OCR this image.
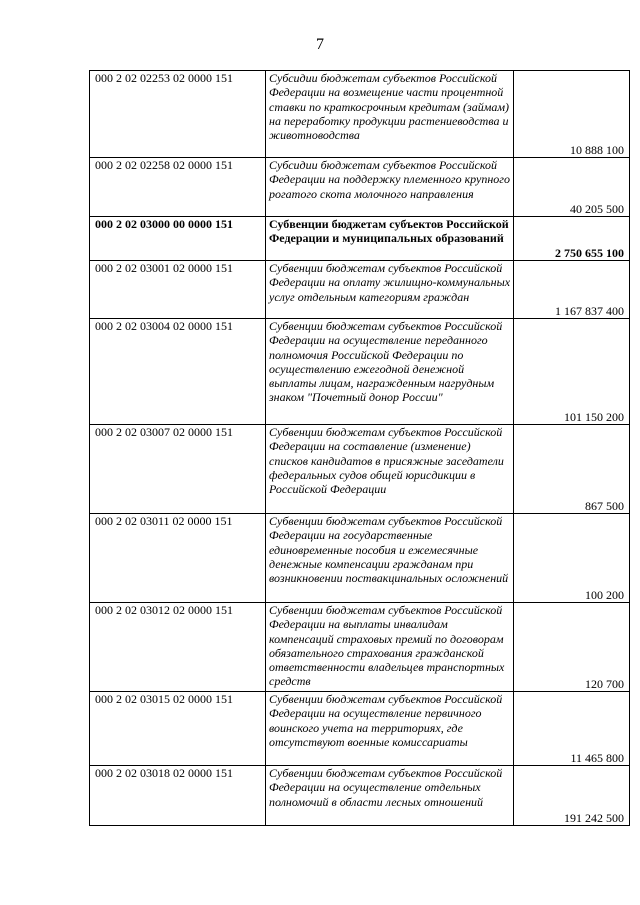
7
000 2 02 02253 02 0000 151	Субсидии бюджетам субъектов Российской Федерации на возмещение части процентной ставки по краткосрочным кредитам (займам) на переработку продукции растениеводства и животноводства	10 888 100
000 2 02 02258 02 0000 151	Субсидии бюджетам субъектов Российской Федерации на поддержку племенного крупного рогатого скота молочного направления	40 205 500
000 2 02 03000 00 0000 151	Субвенции бюджетам субъектов Российской Федерации и муниципальных образований	2 750 655 100
000 2 02 03001 02 0000 151	Субвенции бюджетам субъектов Российской Федерации на оплату жилищно-коммунальных услуг отдельным категориям граждан	1 167 837 400
000 2 02 03004 02 0000 151	Субвенции бюджетам субъектов Российской Федерации на осуществление переданного полномочия Российской Федерации по осуществлению ежегодной денежной выплаты лицам, награжденным нагрудным знаком "Почетный донор России"	101 150 200
000 2 02 03007 02 0000 151	Субвенции бюджетам субъектов Российской Федерации на составление (изменение) списков кандидатов в присяжные заседатели федеральных судов общей юрисдикции в Российской Федерации	867 500
000 2 02 03011 02 0000 151	Субвенции бюджетам субъектов Российской Федерации на государственные единовременные пособия и ежемесячные денежные компенсации гражданам при возникновении поствакцинальных осложнений	100 200
000 2 02 03012 02 0000 151	Субвенции бюджетам субъектов Российской Федерации на выплаты инвалидам компенсаций страховых премий по договорам обязательного страхования гражданской ответственности владельцев транспортных средств	120 700
000 2 02 03015 02 0000 151	Субвенции бюджетам субъектов Российской Федерации на осуществление первичного воинского учета на территориях, где отсутствуют военные комиссариаты	11 465 800
000 2 02 03018 02 0000 151	Субвенции бюджетам субъектов Российской Федерации на осуществление отдельных полномочий в области лесных отношений	191 242 500
